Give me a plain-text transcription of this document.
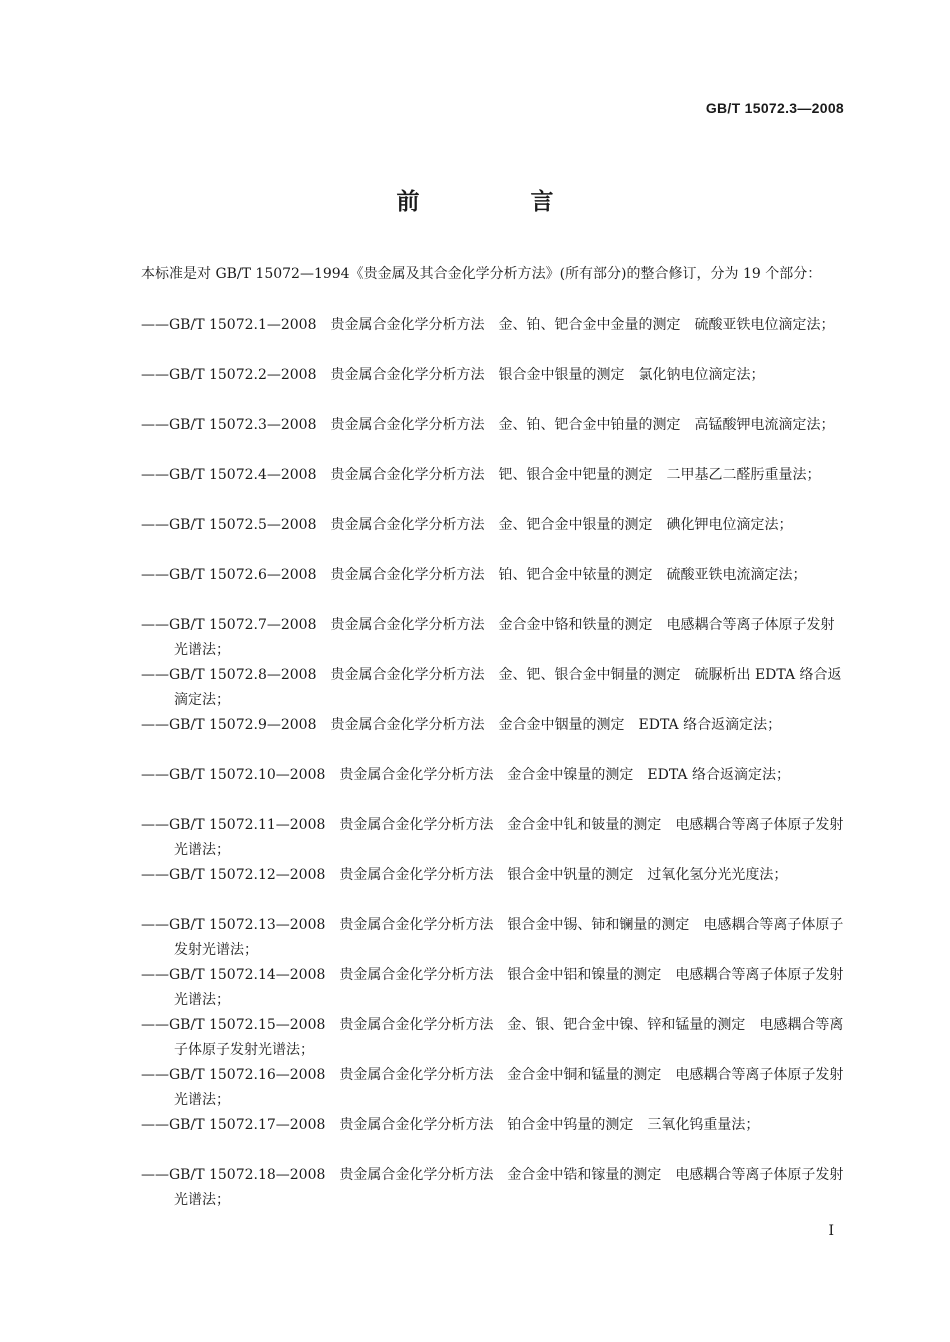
GB/T 15072.3—2008
前　言
本标准是对 GB/T 15072—1994《贵金属及其合金化学分析方法》(所有部分)的整合修订，分为 19 个部分：
——GB/T 15072.1—2008　贵金属合金化学分析方法　金、铂、钯合金中金量的测定　硫酸亚铁电位滴定法；
——GB/T 15072.2—2008　贵金属合金化学分析方法　银合金中银量的测定　氯化钠电位滴定法；
——GB/T 15072.3—2008　贵金属合金化学分析方法　金、铂、钯合金中铂量的测定　高锰酸钾电流滴定法；
——GB/T 15072.4—2008　贵金属合金化学分析方法　钯、银合金中钯量的测定　二甲基乙二醛肟重量法；
——GB/T 15072.5—2008　贵金属合金化学分析方法　金、钯合金中银量的测定　碘化钾电位滴定法；
——GB/T 15072.6—2008　贵金属合金化学分析方法　铂、钯合金中铱量的测定　硫酸亚铁电流滴定法；
——GB/T 15072.7—2008　贵金属合金化学分析方法　金合金中铬和铁量的测定　电感耦合等离子体原子发射光谱法；
——GB/T 15072.8—2008　贵金属合金化学分析方法　金、钯、银合金中铜量的测定　硫脲析出 EDTA 络合返滴定法；
——GB/T 15072.9—2008　贵金属合金化学分析方法　金合金中铟量的测定　EDTA 络合返滴定法；
——GB/T 15072.10—2008　贵金属合金化学分析方法　金合金中镍量的测定　EDTA 络合返滴定法；
——GB/T 15072.11—2008　贵金属合金化学分析方法　金合金中钆和铍量的测定　电感耦合等离子体原子发射光谱法；
——GB/T 15072.12—2008　贵金属合金化学分析方法　银合金中钒量的测定　过氧化氢分光光度法；
——GB/T 15072.13—2008　贵金属合金化学分析方法　银合金中锡、铈和镧量的测定　电感耦合等离子体原子发射光谱法；
——GB/T 15072.14—2008　贵金属合金化学分析方法　银合金中铝和镍量的测定　电感耦合等离子体原子发射光谱法；
——GB/T 15072.15—2008　贵金属合金化学分析方法　金、银、钯合金中镍、锌和锰量的测定　电感耦合等离子体原子发射光谱法；
——GB/T 15072.16—2008　贵金属合金化学分析方法　金合金中铜和锰量的测定　电感耦合等离子体原子发射光谱法；
——GB/T 15072.17—2008　贵金属合金化学分析方法　铂合金中钨量的测定　三氧化钨重量法；
——GB/T 15072.18—2008　贵金属合金化学分析方法　金合金中锆和镓量的测定　电感耦合等离子体原子发射光谱法；
I
